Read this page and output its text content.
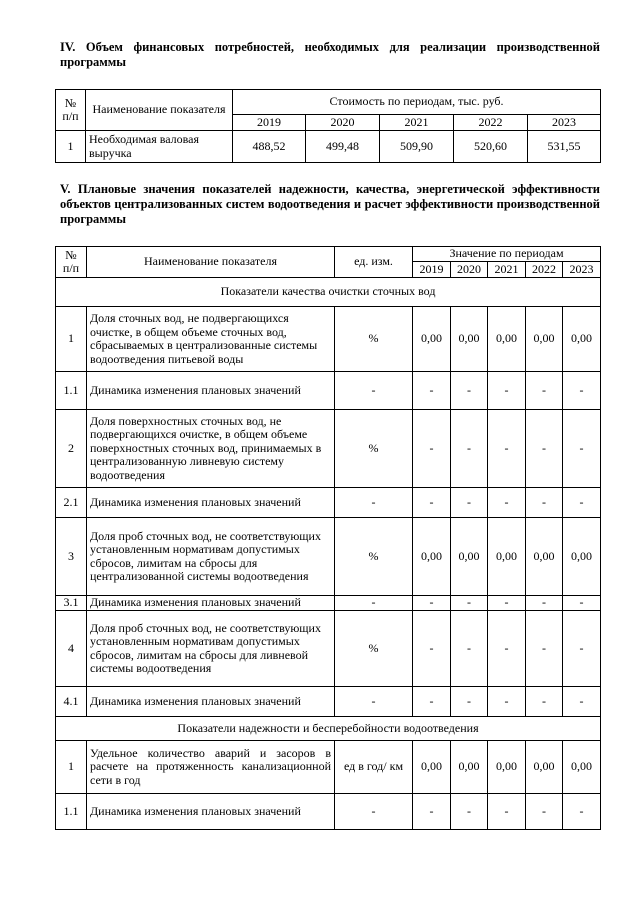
IV. Объем финансовых потребностей, необходимых для реализации производственной программы
№ п/п	Наименование показателя	Стоимость по периодам, тыс. руб.				
		2019	2020	2021	2022	2023
1	Необходимая валовая выручка	488,52	499,48	509,90	520,60	531,55
V. Плановые значения показателей надежности, качества, энергетической эффективности объектов централизованных систем водоотведения и расчет эффективности производственной программы
№ п/п	Наименование показателя	ед. изм.	Значение по периодам				
			2019	2020	2021	2022	2023
Показатели качества очистки сточных вод							
1	Доля сточных вод, не подвергающихся очистке, в общем объеме сточных вод, сбрасываемых в централизованные системы водоотведения питьевой воды	%	0,00	0,00	0,00	0,00	0,00
1.1	Динамика изменения плановых значений	-	-	-	-	-	-
2	Доля поверхностных сточных вод, не подвергающихся очистке, в общем объеме поверхностных сточных вод, принимаемых в централизованную ливневую систему водоотведения	%	-	-	-	-	-
2.1	Динамика изменения плановых значений	-	-	-	-	-	-
3	Доля проб сточных вод, не соответствующих установленным нормативам допустимых сбросов, лимитам на сбросы для централизованной системы водоотведения	%	0,00	0,00	0,00	0,00	0,00
3.1	Динамика изменения плановых значений	-	-	-	-	-	-
4	Доля проб сточных вод, не соответствующих установленным нормативам допустимых сбросов, лимитам на сбросы для ливневой системы водоотведения	%	-	-	-	-	-
4.1	Динамика изменения плановых значений	-	-	-	-	-	-
Показатели надежности и бесперебойности водоотведения							
1	Удельное количество аварий и засоров в расчете на протяженность канализационной сети в год	ед в год/ км	0,00	0,00	0,00	0,00	0,00
1.1	Динамика изменения плановых значений	-	-	-	-	-	-
